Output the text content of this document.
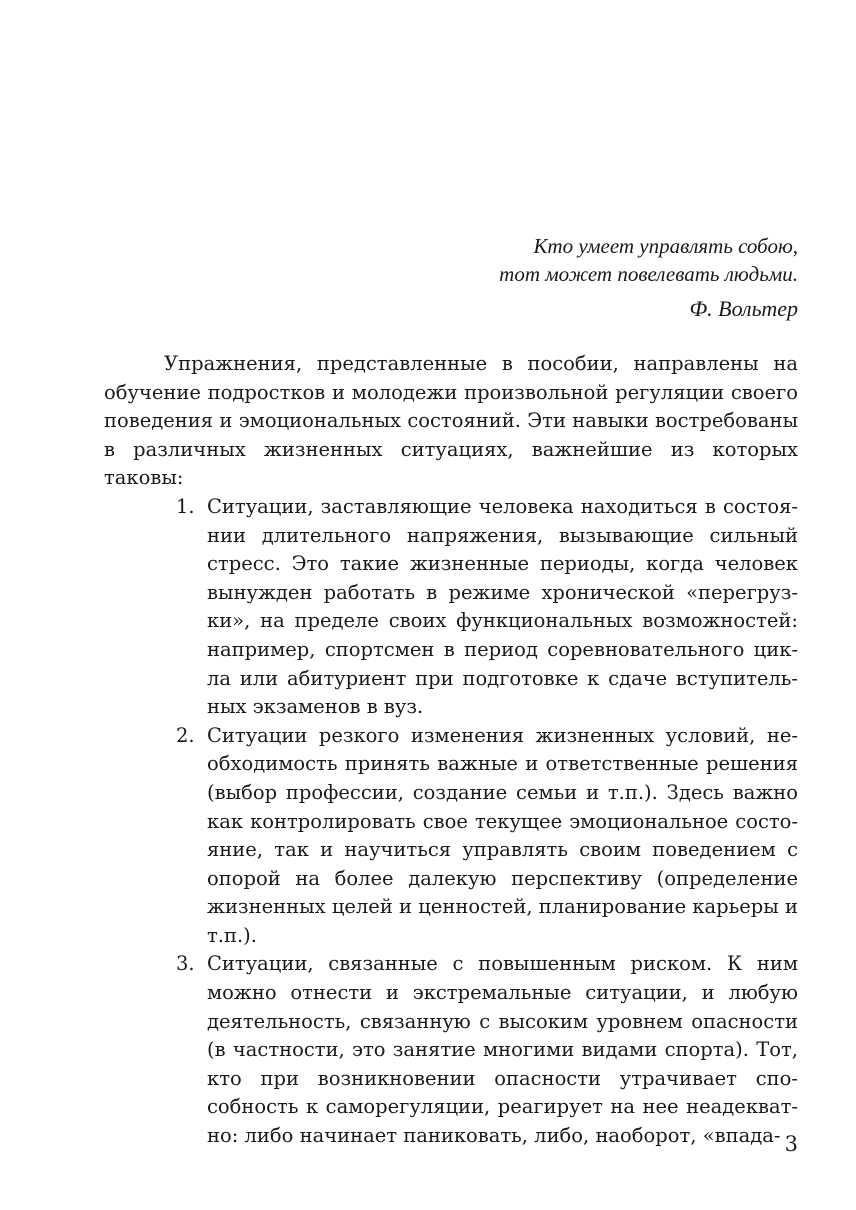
Кто умеет управлять собою,
тот может повелевать людьми.
Ф. Вольтер

Упражнения, представленные в пособии, направлены на обучение подростков и молодежи произвольной регуляции своего поведения и эмоциональных состояний. Эти навыки востребованы в различных жизненных ситуациях, важнейшие из которых таковы:

1. Ситуации, заставляющие человека находиться в состоянии длительного напряжения, вызывающие сильный стресс. Это такие жизненные периоды, когда человек вынужден работать в режиме хронической «перегрузки», на пределе своих функциональных возможностей: например, спортсмен в период соревновательного цикла или абитуриент при подготовке к сдаче вступительных экзаменов в вуз.

2. Ситуации резкого изменения жизненных условий, необходимость принять важные и ответственные решения (выбор профессии, создание семьи и т.п.). Здесь важно как контролировать свое текущее эмоциональное состояние, так и научиться управлять своим поведением с опорой на более далекую перспективу (определение жизненных целей и ценностей, планирование карьеры и т.п.).

3. Ситуации, связанные с повышенным риском. К ним можно отнести и экстремальные ситуации, и любую деятельность, связанную с высоким уровнем опасности (в частности, это занятие многими видами спорта). Тот, кто при возникновении опасности утрачивает способность к саморегуляции, реагирует на нее неадекватно: либо начинает паниковать, либо, наоборот, «впада- 3
